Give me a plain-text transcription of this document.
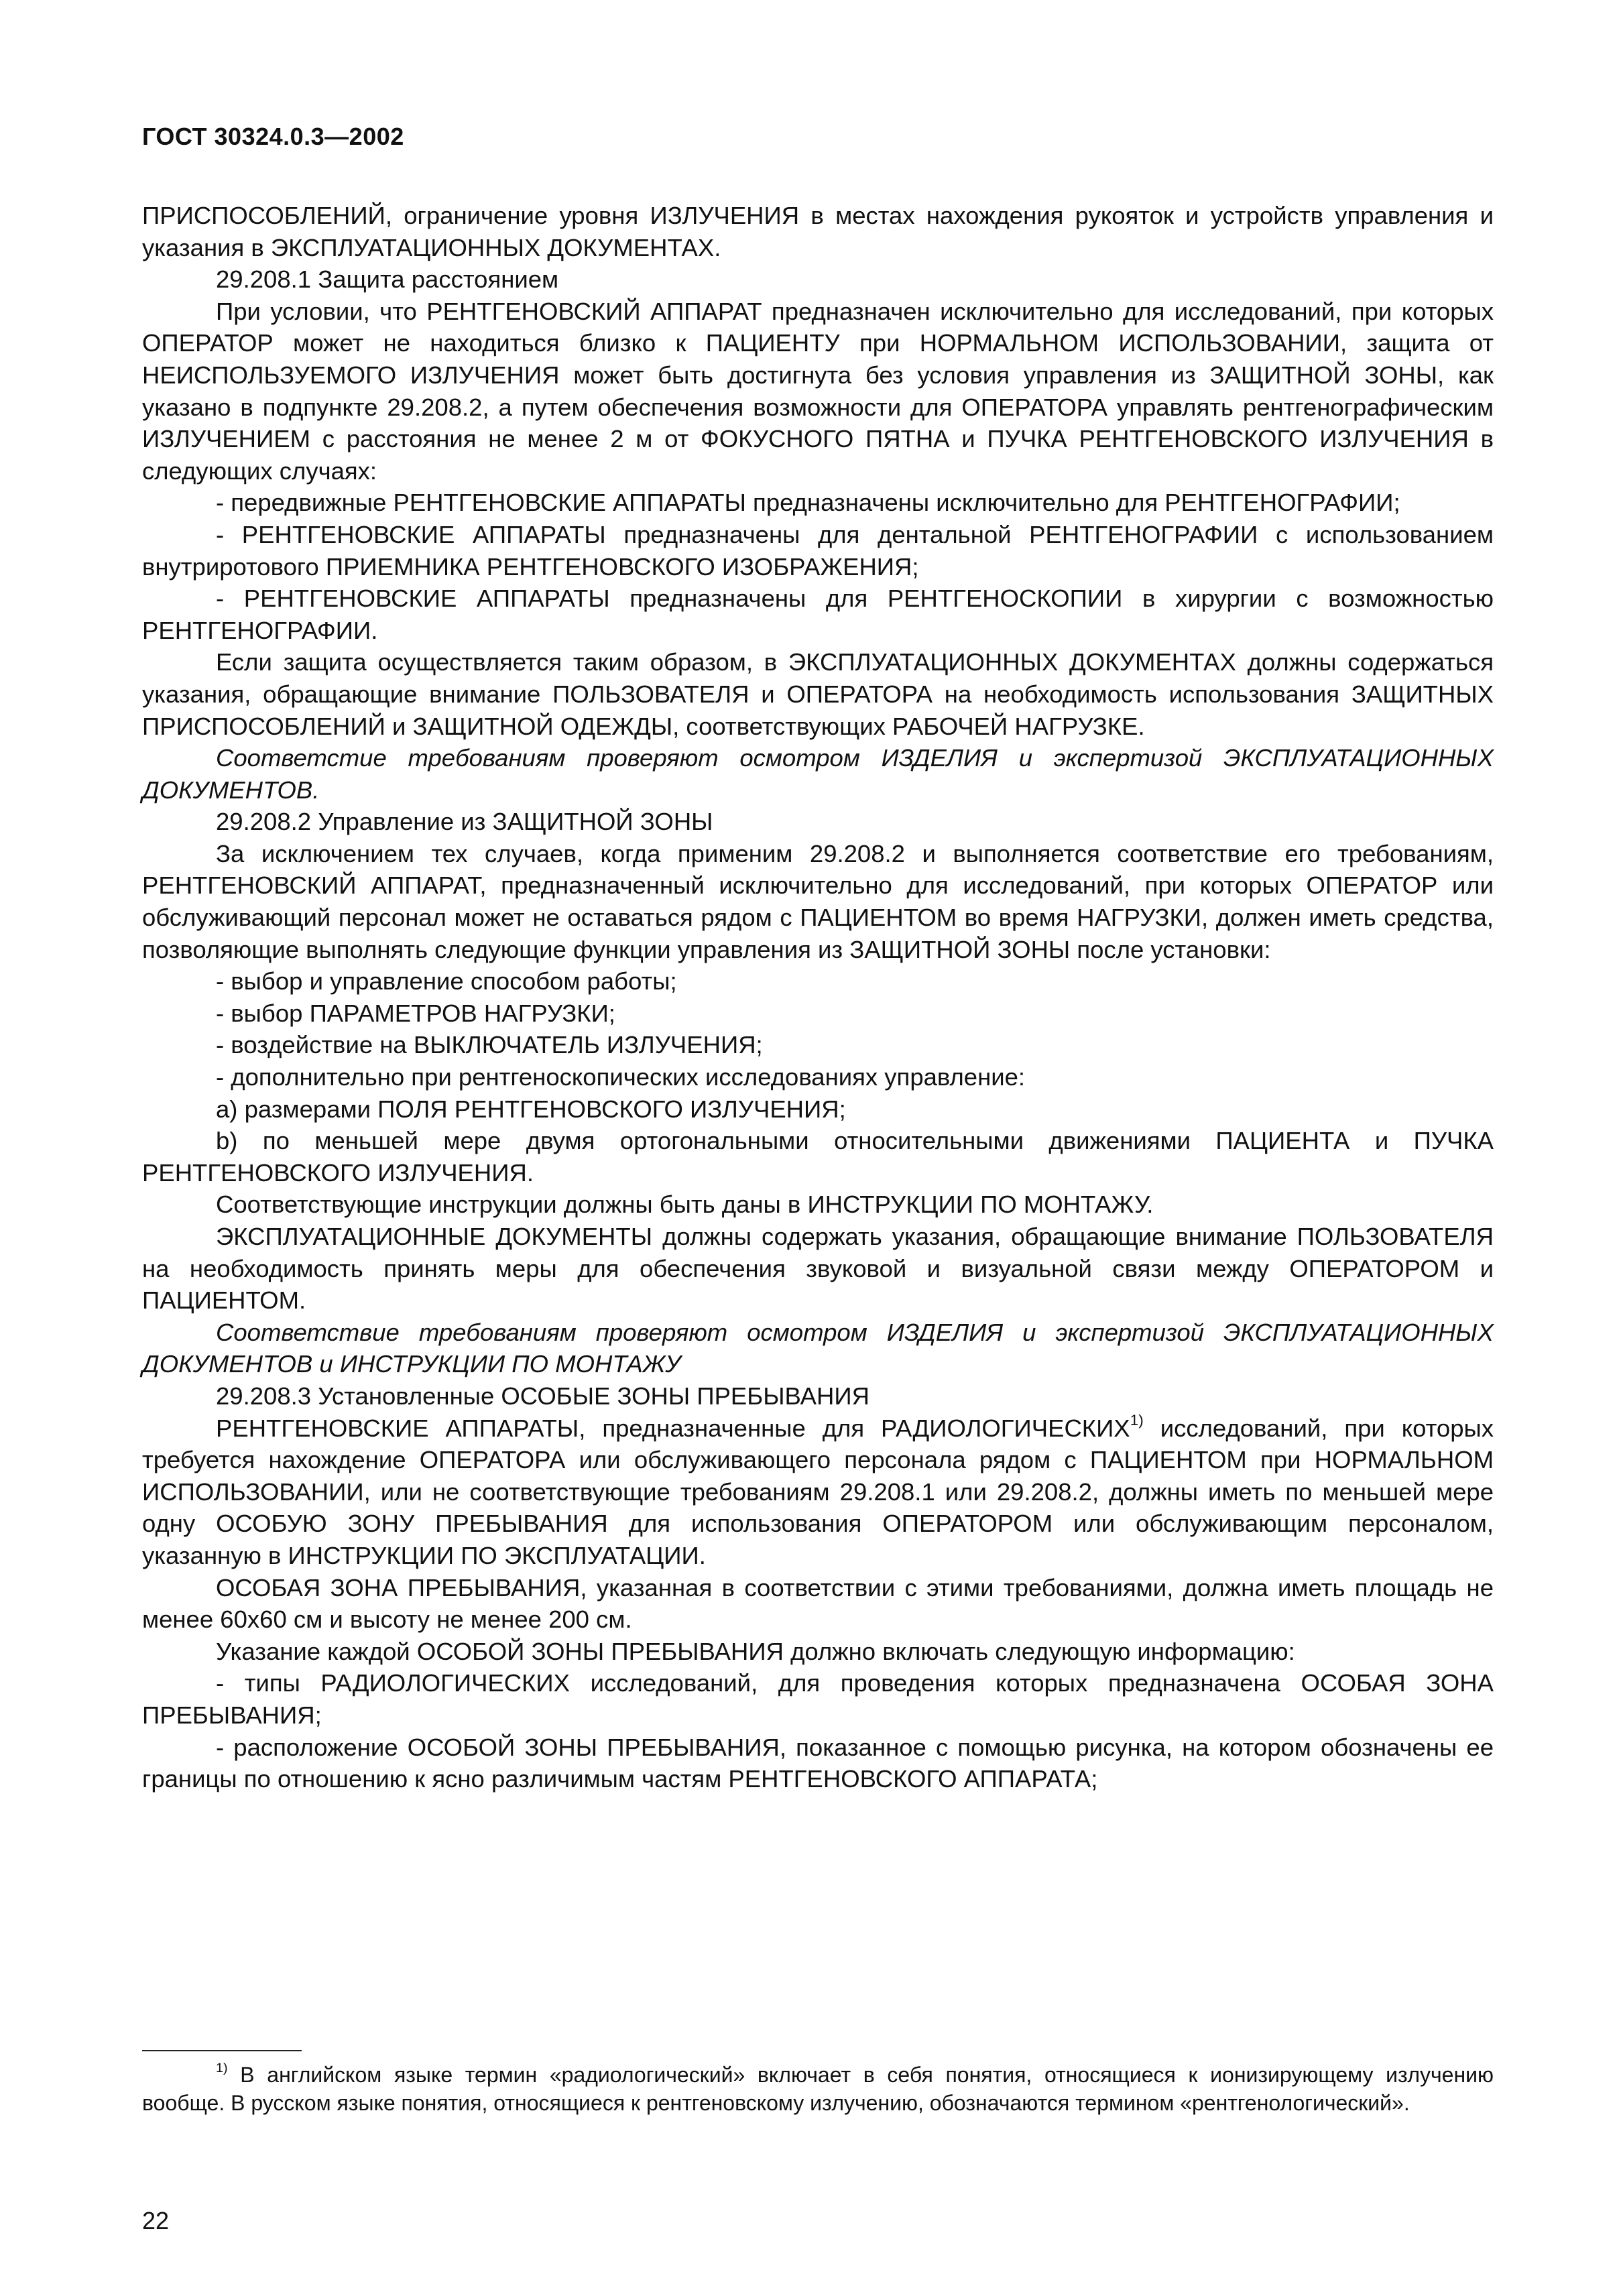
ГОСТ 30324.0.3—2002

ПРИСПОСОБЛЕНИЙ, ограничение уровня ИЗЛУЧЕНИЯ в местах нахождения рукояток и устройств управления и указания в ЭКСПЛУАТАЦИОННЫХ ДОКУМЕНТАХ.

29.208.1 Защита расстоянием

При условии, что РЕНТГЕНОВСКИЙ АППАРАТ предназначен исключительно для исследований, при которых ОПЕРАТОР может не находиться близко к ПАЦИЕНТУ при НОРМАЛЬНОМ ИСПОЛЬЗОВАНИИ, защита от НЕИСПОЛЬЗУЕМОГО ИЗЛУЧЕНИЯ может быть достигнута без условия управления из ЗАЩИТНОЙ ЗОНЫ, как указано в подпункте 29.208.2, а путем обеспечения возможности для ОПЕРАТОРА управлять рентгенографическим ИЗЛУЧЕНИЕМ с расстояния не менее 2 м от ФОКУСНОГО ПЯТНА и ПУЧКА РЕНТГЕНОВСКОГО ИЗЛУЧЕНИЯ в следующих случаях:

- передвижные РЕНТГЕНОВСКИЕ АППАРАТЫ предназначены исключительно для РЕНТГЕНОГРАФИИ;

- РЕНТГЕНОВСКИЕ АППАРАТЫ предназначены для дентальной РЕНТГЕНОГРАФИИ с использованием внутриротового ПРИЕМНИКА РЕНТГЕНОВСКОГО ИЗОБРАЖЕНИЯ;

- РЕНТГЕНОВСКИЕ АППАРАТЫ предназначены для РЕНТГЕНОСКОПИИ в хирургии с возможностью РЕНТГЕНОГРАФИИ.

Если защита осуществляется таким образом, в ЭКСПЛУАТАЦИОННЫХ ДОКУМЕНТАХ должны содержаться указания, обращающие внимание ПОЛЬЗОВАТЕЛЯ и ОПЕРАТОРА на необходимость использования ЗАЩИТНЫХ ПРИСПОСОБЛЕНИЙ и ЗАЩИТНОЙ ОДЕЖДЫ, соответствующих РАБОЧЕЙ НАГРУЗКЕ.

Соответстие требованиям проверяют осмотром ИЗДЕЛИЯ и экспертизой ЭКСПЛУАТАЦИОННЫХ ДОКУМЕНТОВ.

29.208.2 Управление из ЗАЩИТНОЙ ЗОНЫ

За исключением тех случаев, когда применим 29.208.2 и выполняется соответствие его требованиям, РЕНТГЕНОВСКИЙ АППАРАТ, предназначенный исключительно для исследований, при которых ОПЕРАТОР или обслуживающий персонал может не оставаться рядом с ПАЦИЕНТОМ во время НАГРУЗКИ, должен иметь средства, позволяющие выполнять следующие функции управления из ЗАЩИТНОЙ ЗОНЫ после установки:

- выбор и управление способом работы;

- выбор ПАРАМЕТРОВ НАГРУЗКИ;

- воздействие на ВЫКЛЮЧАТЕЛЬ ИЗЛУЧЕНИЯ;

- дополнительно при рентгеноскопических исследованиях управление:

а) размерами ПОЛЯ РЕНТГЕНОВСКОГО ИЗЛУЧЕНИЯ;

b) по меньшей мере двумя ортогональными относительными движениями ПАЦИЕНТА и ПУЧКА РЕНТГЕНОВСКОГО ИЗЛУЧЕНИЯ.

Соответствующие инструкции должны быть даны в ИНСТРУКЦИИ ПО МОНТАЖУ.

ЭКСПЛУАТАЦИОННЫЕ ДОКУМЕНТЫ должны содержать указания, обращающие внимание ПОЛЬЗОВАТЕЛЯ на необходимость принять меры для обеспечения звуковой и визуальной связи между ОПЕРАТОРОМ и ПАЦИЕНТОМ.

Соответствие требованиям проверяют осмотром ИЗДЕЛИЯ и экспертизой ЭКСПЛУАТАЦИОННЫХ ДОКУМЕНТОВ и ИНСТРУКЦИИ ПО МОНТАЖУ

29.208.3 Установленные ОСОБЫЕ ЗОНЫ ПРЕБЫВАНИЯ

РЕНТГЕНОВСКИЕ АППАРАТЫ, предназначенные для РАДИОЛОГИЧЕСКИХ$^{1)}$ исследований, при которых требуется нахождение ОПЕРАТОРА или обслуживающего персонала рядом с ПАЦИЕНТОМ при НОРМАЛЬНОМ ИСПОЛЬЗОВАНИИ, или не соответствующие требованиям 29.208.1 или 29.208.2, должны иметь по меньшей мере одну ОСОБУЮ ЗОНУ ПРЕБЫВАНИЯ для использования ОПЕРАТОРОМ или обслуживающим персоналом, указанную в ИНСТРУКЦИИ ПО ЭКСПЛУАТАЦИИ.

ОСОБАЯ ЗОНА ПРЕБЫВАНИЯ, указанная в соответствии с этими требованиями, должна иметь площадь не менее 60х60 см и высоту не менее 200 см.

Указание каждой ОСОБОЙ ЗОНЫ ПРЕБЫВАНИЯ должно включать следующую информацию:

- типы РАДИОЛОГИЧЕСКИХ исследований, для проведения которых предназначена ОСОБАЯ ЗОНА ПРЕБЫВАНИЯ;

- расположение ОСОБОЙ ЗОНЫ ПРЕБЫВАНИЯ, показанное с помощью рисунка, на котором обозначены ее границы по отношению к ясно различимым частям РЕНТГЕНОВСКОГО АППАРАТА;

$^{1)}$ В английском языке термин «радиологический» включает в себя понятия, относящиеся к ионизирующему излучению вообще. В русском языке понятия, относящиеся к рентгеновскому излучению, обозначаются термином «рентгенологический».

22
